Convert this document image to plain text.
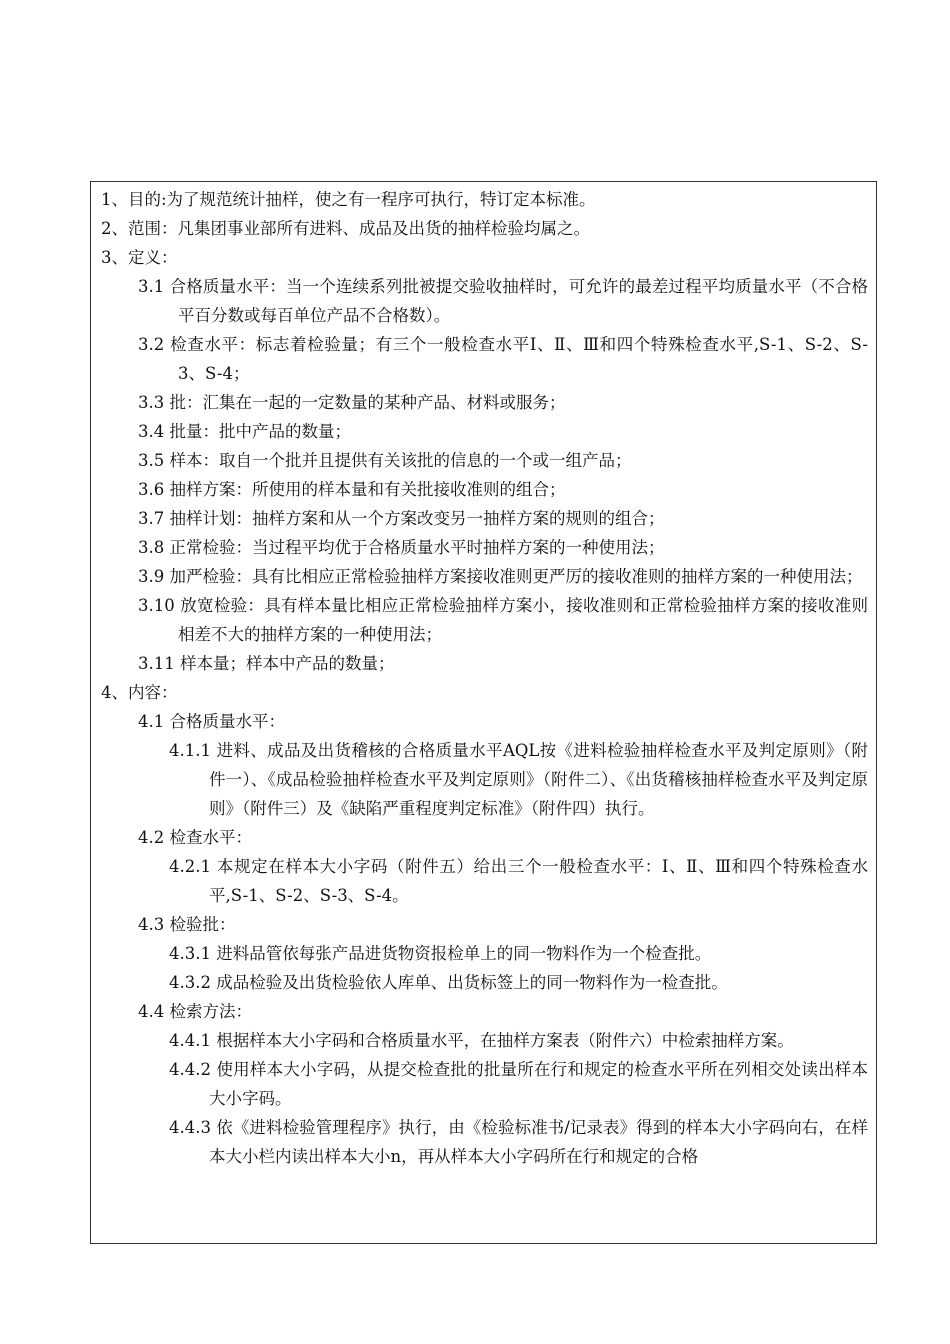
1、目的:为了规范统计抽样，使之有一程序可执行，特订定本标准。

2、范围：凡集团事业部所有进料、成品及出货的抽样检验均属之。

3、定义：

3.1 合格质量水平：当一个连续系列批被提交验收抽样时，可允许的最差过程平均质量水平（不合格平百分数或每百单位产品不合格数）。

3.2 检查水平：标志着检验量；有三个一般检查水平Ⅰ、Ⅱ、Ⅲ和四个特殊检查水平,S-1、S-2、S-3、S-4；

3.3 批：汇集在一起的一定数量的某种产品、材料或服务；

3.4 批量：批中产品的数量；

3.5 样本：取自一个批并且提供有关该批的信息的一个或一组产品；

3.6 抽样方案：所使用的样本量和有关批接收准则的组合；

3.7 抽样计划：抽样方案和从一个方案改变另一抽样方案的规则的组合；

3.8 正常检验：当过程平均优于合格质量水平时抽样方案的一种使用法；

3.9 加严检验：具有比相应正常检验抽样方案接收准则更严厉的接收准则的抽样方案的一种使用法；

3.10 放宽检验：具有样本量比相应正常检验抽样方案小，接收准则和正常检验抽样方案的接收准则相差不大的抽样方案的一种使用法；

3.11 样本量；样本中产品的数量；

4、内容：

4.1 合格质量水平：

4.1.1 进料、成品及出货稽核的合格质量水平AQL按《进料检验抽样检查水平及判定原则》（附件一）、《成品检验抽样检查水平及判定原则》（附件二）、《出货稽核抽样检查水平及判定原则》（附件三）及《缺陷严重程度判定标准》（附件四）执行。

4.2 检查水平：

4.2.1 本规定在样本大小字码（附件五）给出三个一般检查水平：Ⅰ、Ⅱ、Ⅲ和四个特殊检查水平,S-1、S-2、S-3、S-4。

4.3 检验批：

4.3.1 进料品管依每张产品进货物资报检单上的同一物料作为一个检查批。

4.3.2 成品检验及出货检验依人库单、出货标签上的同一物料作为一检查批。

4.4 检索方法：

4.4.1 根据样本大小字码和合格质量水平，在抽样方案表（附件六）中检索抽样方案。

4.4.2 使用样本大小字码，从提交检查批的批量所在行和规定的检查水平所在列相交处读出样本大小字码。

4.4.3 依《进料检验管理程序》执行，由《检验标准书/记录表》得到的样本大小字码向右，在样本大小栏内读出样本大小n，再从样本大小字码所在行和规定的合格
